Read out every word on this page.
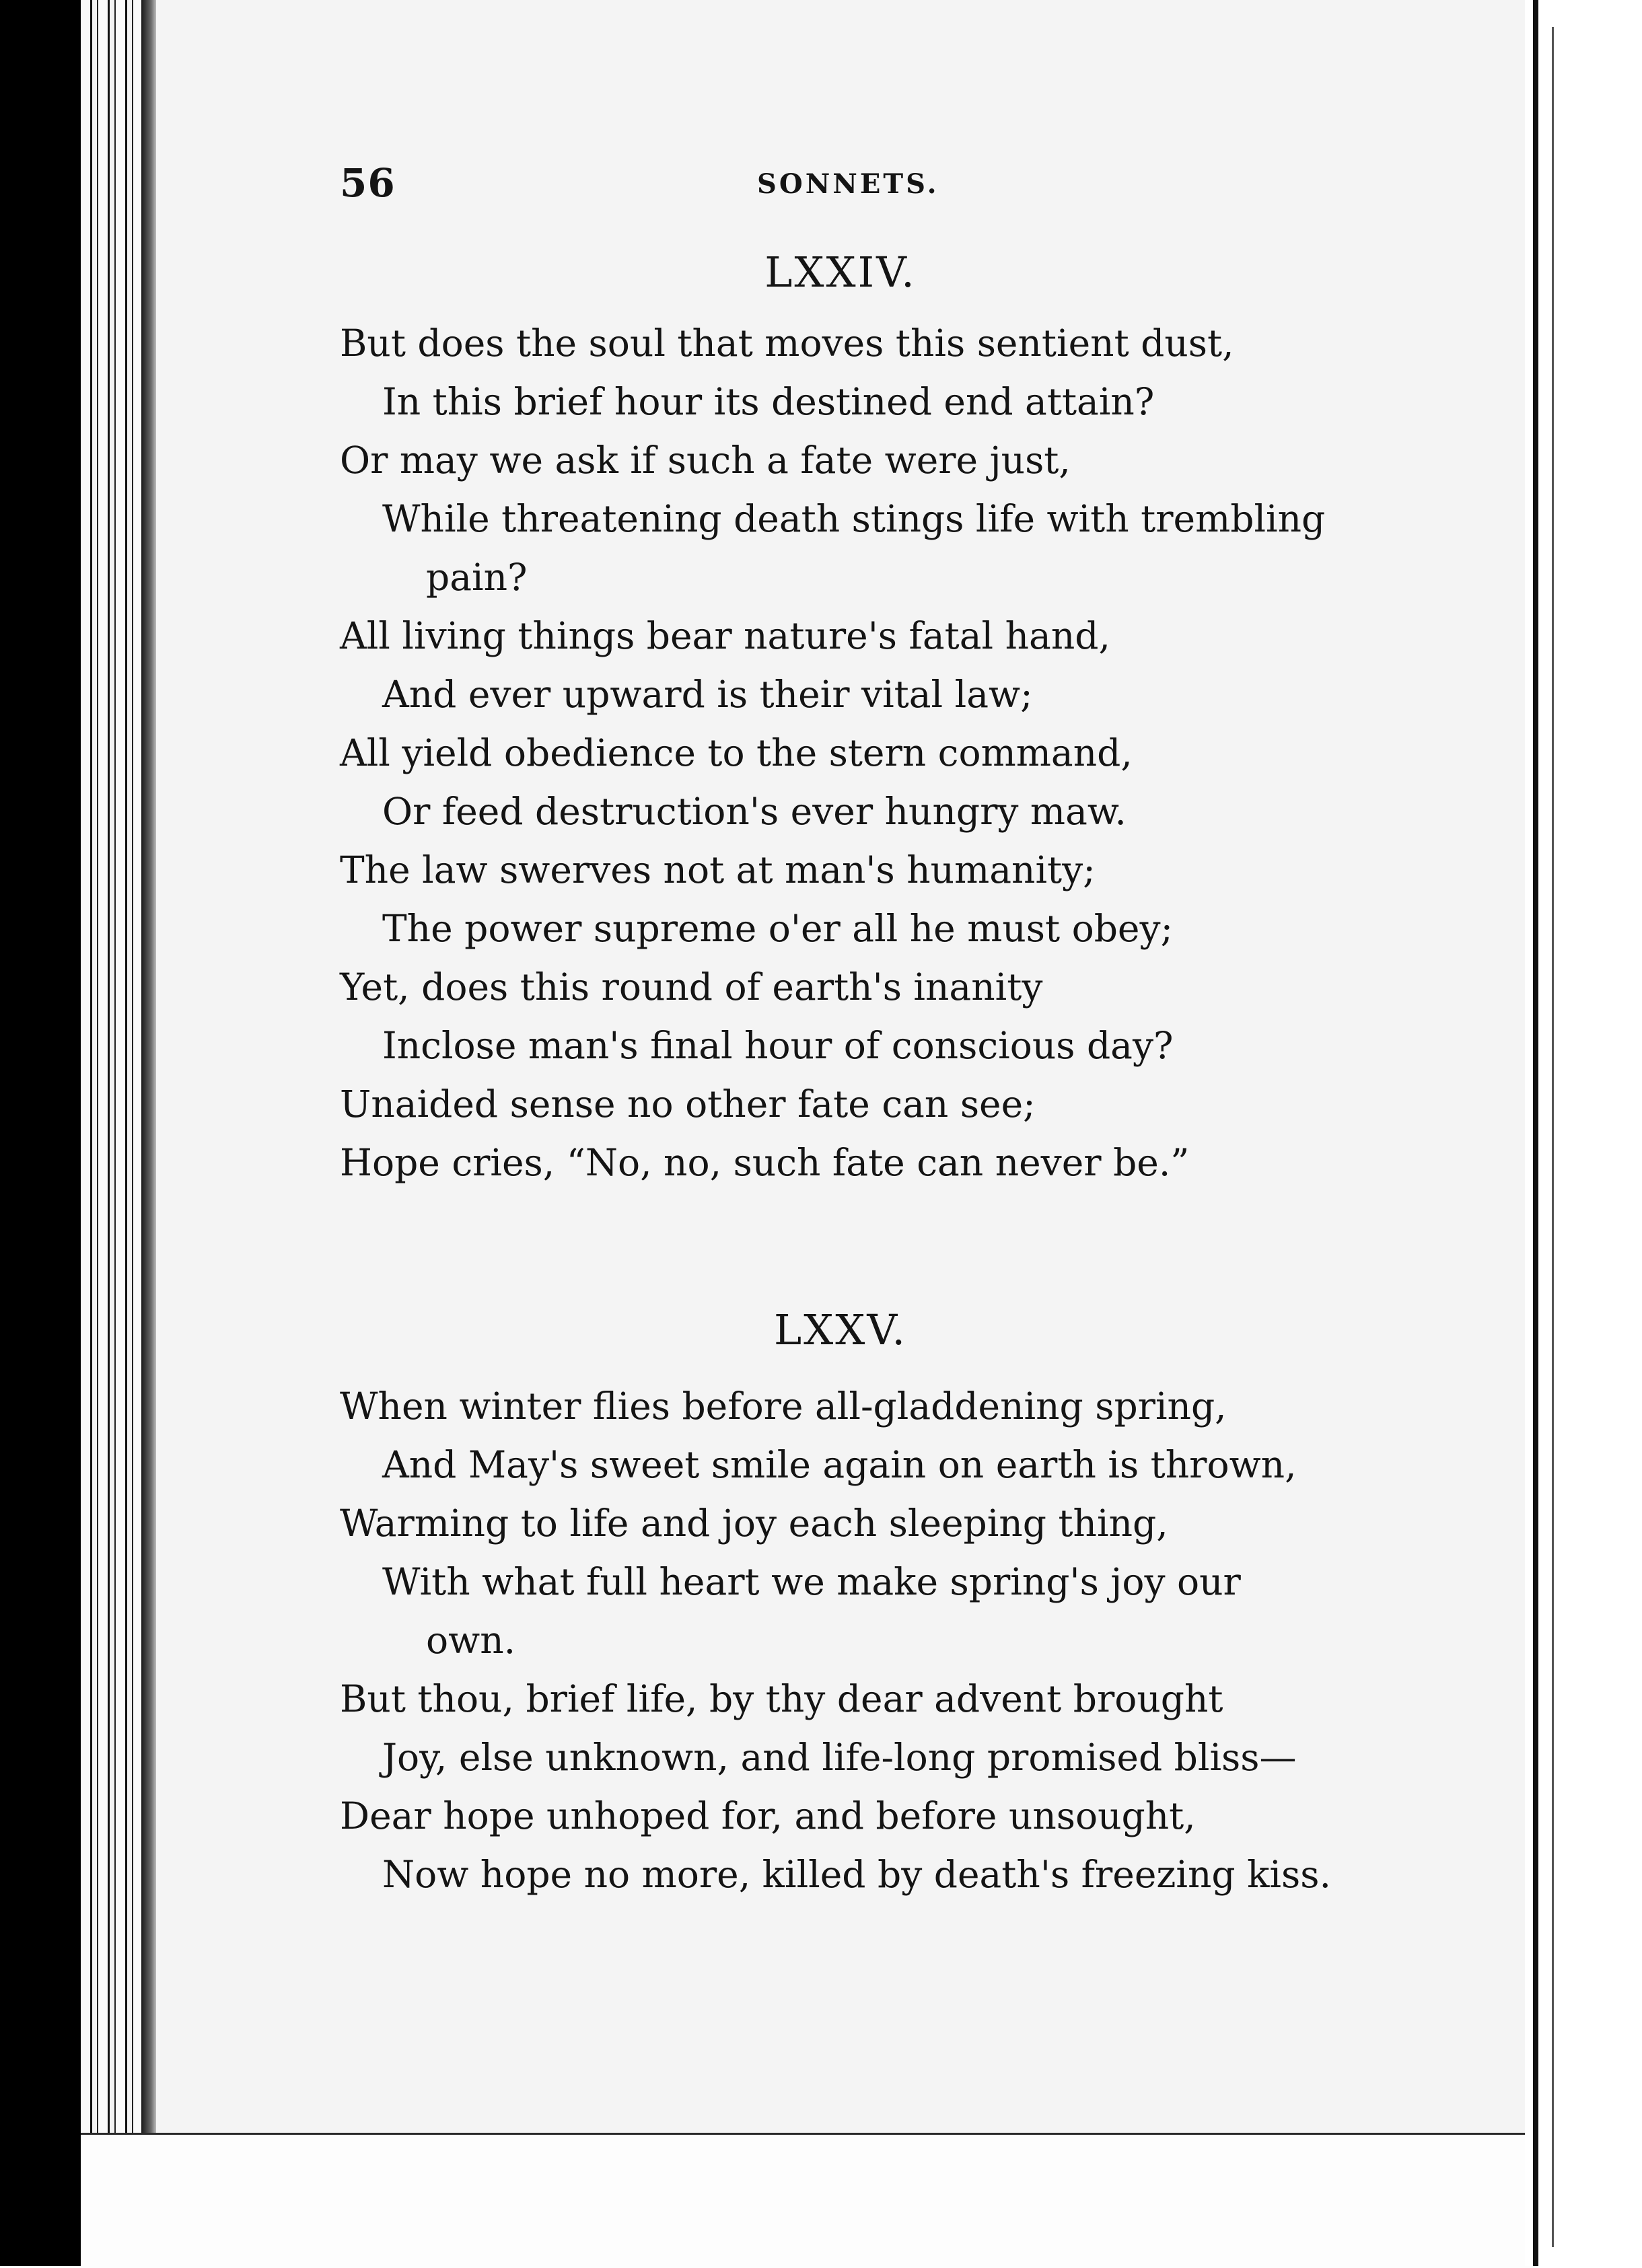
56	SONNETS.
LXXIV.
But does the soul that moves this sentient dust,
In this brief hour its destined end attain?
Or may we ask if such a fate were just,
While threatening death stings life with trembling
pain?
All living things bear nature's fatal hand,
And ever upward is their vital law;
All yield obedience to the stern command,
Or feed destruction's ever hungry maw.
The law swerves not at man's humanity;
The power supreme o'er all he must obey;
Yet, does this round of earth's inanity
Inclose man's final hour of conscious day?
Unaided sense no other fate can see;
Hope cries, “No, no, such fate can never be.”
LXXV.
When winter flies before all-gladdening spring,
And May's sweet smile again on earth is thrown,
Warming to life and joy each sleeping thing,
With what full heart we make spring's joy our
own.
But thou, brief life, by thy dear advent brought
Joy, else unknown, and life-long promised bliss—
Dear hope unhoped for, and before unsought,
Now hope no more, killed by death's freezing kiss.
